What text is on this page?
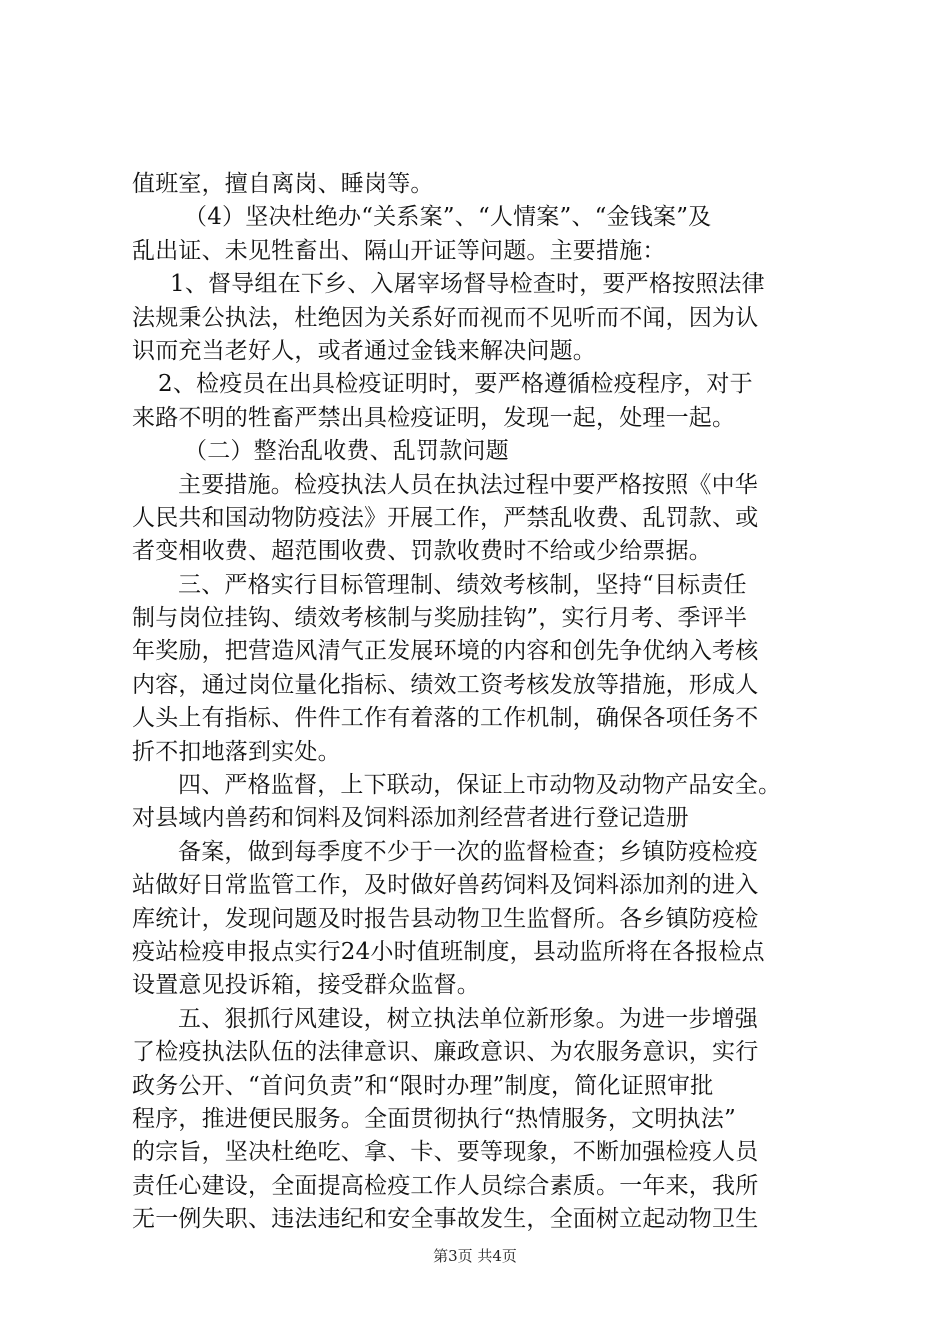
值班室，擅自离岗、睡岗等。
（4）坚决杜绝办“关系案”、“人情案”、“金钱案”及
乱出证、未见牲畜出、隔山开证等问题。主要措施：
1、督导组在下乡、入屠宰场督导检查时，要严格按照法律
法规秉公执法，杜绝因为关系好而视而不见听而不闻，因为认
识而充当老好人，或者通过金钱来解决问题。
2、检疫员在出具检疫证明时，要严格遵循检疫程序，对于
来路不明的牲畜严禁出具检疫证明，发现一起，处理一起。
（二）整治乱收费、乱罚款问题
主要措施。检疫执法人员在执法过程中要严格按照《中华
人民共和国动物防疫法》开展工作，严禁乱收费、乱罚款、或
者变相收费、超范围收费、罚款收费时不给或少给票据。
三、严格实行目标管理制、绩效考核制，坚持“目标责任
制与岗位挂钩、绩效考核制与奖励挂钩”，实行月考、季评半
年奖励，把营造风清气正发展环境的内容和创先争优纳入考核
内容，通过岗位量化指标、绩效工资考核发放等措施，形成人
人头上有指标、件件工作有着落的工作机制，确保各项任务不
折不扣地落到实处。
四、严格监督，上下联动，保证上市动物及动物产品安全。
对县域内兽药和饲料及饲料添加剂经营者进行登记造册
备案，做到每季度不少于一次的监督检查；乡镇防疫检疫
站做好日常监管工作，及时做好兽药饲料及饲料添加剂的进入
库统计，发现问题及时报告县动物卫生监督所。各乡镇防疫检
疫站检疫申报点实行24小时值班制度，县动监所将在各报检点
设置意见投诉箱，接受群众监督。
五、狠抓行风建设，树立执法单位新形象。为进一步增强
了检疫执法队伍的法律意识、廉政意识、为农服务意识，实行
政务公开、“首问负责”和“限时办理”制度，简化证照审批
程序，推进便民服务。全面贯彻执行“热情服务，文明执法”
的宗旨，坚决杜绝吃、拿、卡、要等现象，不断加强检疫人员
责任心建设，全面提高检疫工作人员综合素质。一年来，我所
无一例失职、违法违纪和安全事故发生，全面树立起动物卫生
第3页 共4页
